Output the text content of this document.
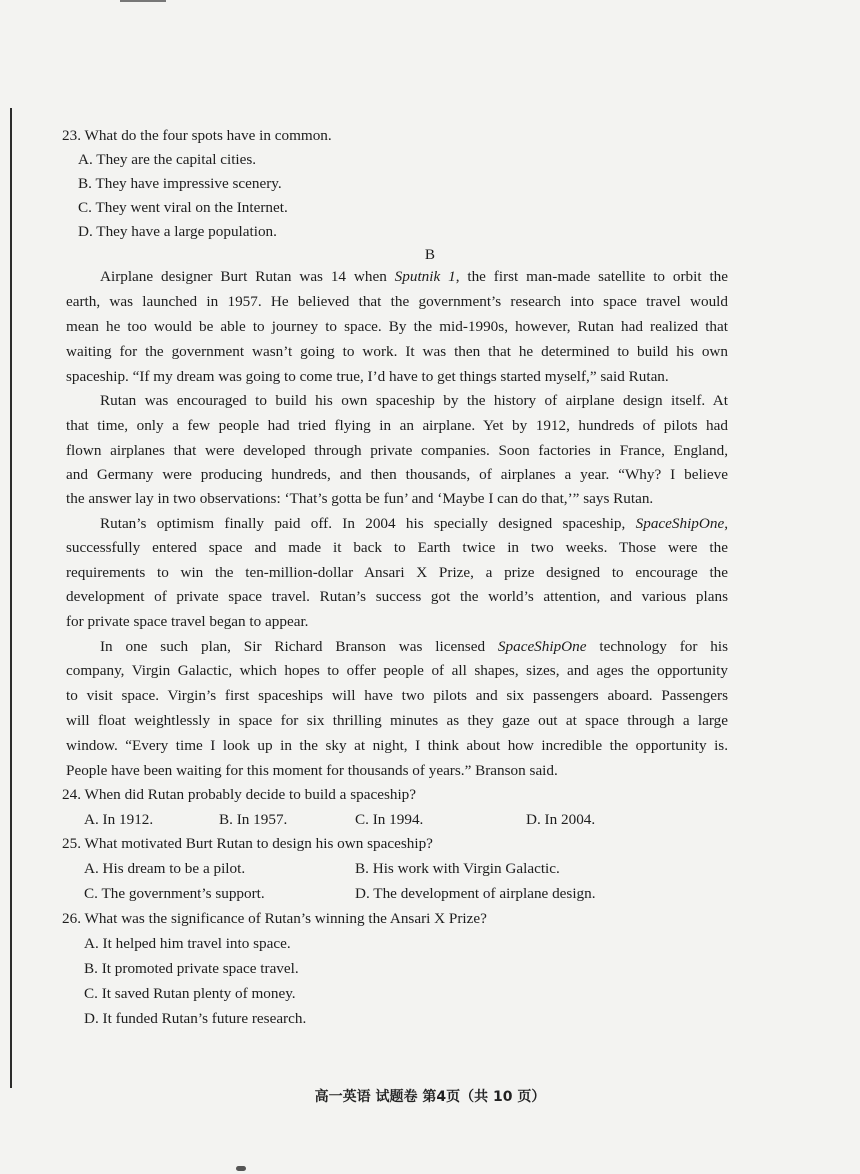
23. What do the four spots have in common.
A. They are the capital cities.
B. They have impressive scenery.
C. They went viral on the Internet.
D. They have a large population.
B
Airplane designer Burt Rutan was 14 when Sputnik 1, the first man-made satellite to orbit the
earth, was launched in 1957. He believed that the government’s research into space travel would
mean he too would be able to journey to space. By the mid-1990s, however, Rutan had realized that
waiting for the government wasn’t going to work. It was then that he determined to build his own
spaceship. “If my dream was going to come true, I’d have to get things started myself,” said Rutan.
Rutan was encouraged to build his own spaceship by the history of airplane design itself. At
that time, only a few people had tried flying in an airplane. Yet by 1912, hundreds of pilots had
flown airplanes that were developed through private companies. Soon factories in France, England,
and Germany were producing hundreds, and then thousands, of airplanes a year. “Why? I believe
the answer lay in two observations: ‘That’s gotta be fun’ and ‘Maybe I can do that,’” says Rutan.
Rutan’s optimism finally paid off. In 2004 his specially designed spaceship, SpaceShipOne,
successfully entered space and made it back to Earth twice in two weeks. Those were the
requirements to win the ten-million-dollar Ansari X Prize, a prize designed to encourage the
development of private space travel. Rutan’s success got the world’s attention, and various plans
for private space travel began to appear.
In one such plan, Sir Richard Branson was licensed SpaceShipOne technology for his
company, Virgin Galactic, which hopes to offer people of all shapes, sizes, and ages the opportunity
to visit space. Virgin’s first spaceships will have two pilots and six passengers aboard. Passengers
will float weightlessly in space for six thrilling minutes as they gaze out at space through a large
window. “Every time I look up in the sky at night, I think about how incredible the opportunity is.
People have been waiting for this moment for thousands of years.” Branson said.
24. When did Rutan probably decide to build a spaceship?
A. In 1912.	B. In 1957.	C. In 1994.	D. In 2004.
25. What motivated Burt Rutan to design his own spaceship?
A. His dream to be a pilot.	B. His work with Virgin Galactic.
C. The government’s support.	D. The development of airplane design.
26. What was the significance of Rutan’s winning the Ansari X Prize?
A. It helped him travel into space.
B. It promoted private space travel.
C. It saved Rutan plenty of money.
D. It funded Rutan’s future research.
高一英语 试题卷 第4页（共 10 页）
